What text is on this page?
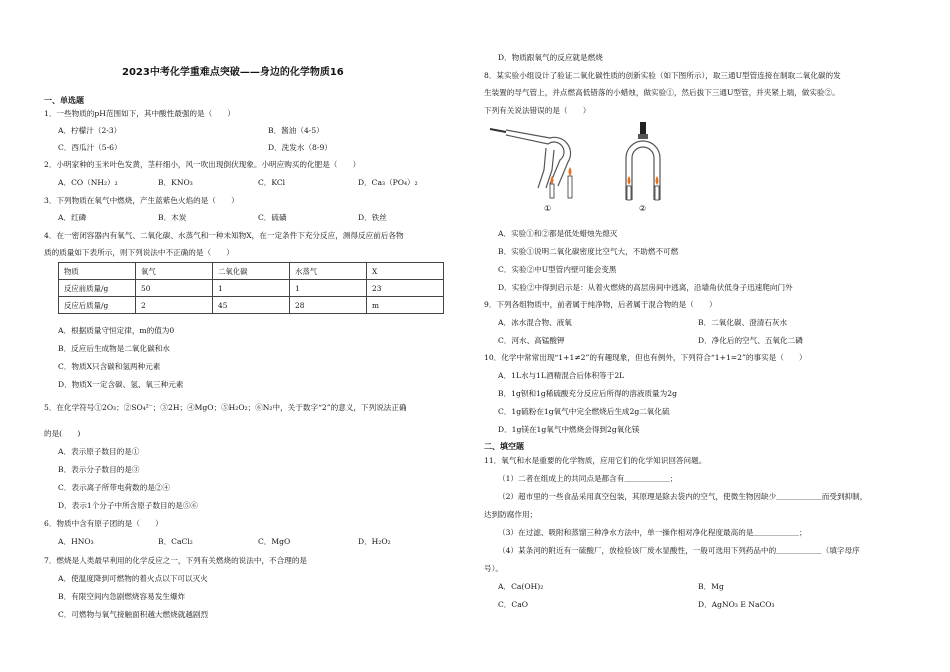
2023中考化学重难点突破——身边的化学物质16
一、单选题
1．一些物质的pH范围如下，其中酸性最强的是（　　）
A．柠檬汁（2-3）	B．酱油（4-5）
C．西瓜汁（5-6）	D．洗发水（8-9）
2．小明家种的玉米叶色发黄，茎秆细小，风一吹出现倒伏现象。小明应购买的化肥是（　　）
A．CO（NH₂）₂	B．KNO₃	C．KCl	D．Ca₃（PO₄）₂
3．下列物质在氧气中燃烧，产生蓝紫色火焰的是（　　）
A．红磷	B．木炭	C．硫磺	D．铁丝
4．在一密闭容器内有氧气、二氧化碳、水蒸气和一种未知物X，在一定条件下充分反应，测得反应前后各物
质的质量如下表所示，则下列说法中不正确的是（　　）
物质	氧气	二氧化碳	水蒸气	X
反应前质量/g	50	1	1	23
反应后质量/g	2	45	28	m
A．根据质量守恒定律，m的值为0
B．反应后生成物是二氧化碳和水
C．物质X只含碳和氢两种元素
D．物质X一定含碳、氢、氧三种元素
5．在化学符号①2O₃；②SO₄²⁻；③2H；④MgO；⑤H₂O₂；⑥N₂中，关于数字“2”的意义，下列说法正确
的是(　　)
A．表示原子数目的是①
B．表示分子数目的是③
C．表示离子所带电荷数的是②④
D．表示1个分子中所含原子数目的是⑤⑥
6．物质中含有原子团的是（　　）
A．HNO₃	B．CaCl₂	C．MgO	D．H₂O₂
7．燃烧是人类最早利用的化学反应之一，下列有关燃烧的说法中，不合理的是
A．使温度降到可燃物的着火点以下可以灭火
B．有限空间内急剧燃烧容易发生爆炸
C．可燃物与氧气接触面积越大燃烧就越剧烈
D．物质跟氧气的反应就是燃烧
8．某实验小组设计了验证二氧化碳性质的创新实验（如下图所示），取三通U型管连接在制取二氧化碳的发
生装置的导气管上，并点燃高低错落的小蜡烛，做实验①，然后拔下三通U型管，并夹紧上端，做实验②。
下列有关说法错误的是（　　）
①	②
A．实验①和②都是低处蜡烛先熄灭
B．实验①说明二氧化碳密度比空气大，不助燃不可燃
C．实验②中U型管内壁可能会变黑
D．实验②中得到启示是：从着火燃烧的高层房间中逃离，沿墙角伏低身子迅速爬向门外
9．下列各组物质中，前者属于纯净物，后者属于混合物的是（　　）
A．冰水混合物、液氧	B．二氧化碳、澄清石灰水
C．河水、高锰酸钾	D．净化后的空气、五氧化二磷
10．化学中常常出现“1+1≠2”的有趣现象，但也有例外，下列符合“1+1=2”的事实是（　　）
A．1L水与1L酒精混合后体积等于2L
B．1g钡和1g稀硫酸充分反应后所得的溶液质量为2g
C．1g硫粉在1g氧气中完全燃烧后生成2g二氧化硫
D．1g镁在1g氧气中燃烧会得到2g氧化镁
二、填空题
11．氧气和水是重要的化学物质，应用它们的化学知识回答问题。
（1）二者在组成上的共同点是都含有＿＿＿＿＿＿；
（2）超市里的一些食品采用真空包装，其原理是除去袋内的空气，使微生物因缺少＿＿＿＿＿＿而受到抑制，
达到防腐作用；
（3）在过滤、吸附和蒸馏三种净水方法中，单一操作相对净化程度最高的是＿＿＿＿＿＿；
（4）某条河的附近有一硫酸厂，放检验该厂废水显酸性，一般可选用下列药品中的＿＿＿＿＿＿（填字母序
号）。
A．Ca(OH)₂	B．Mg
C．CaO	D．AgNO₃ E NaCO₃
